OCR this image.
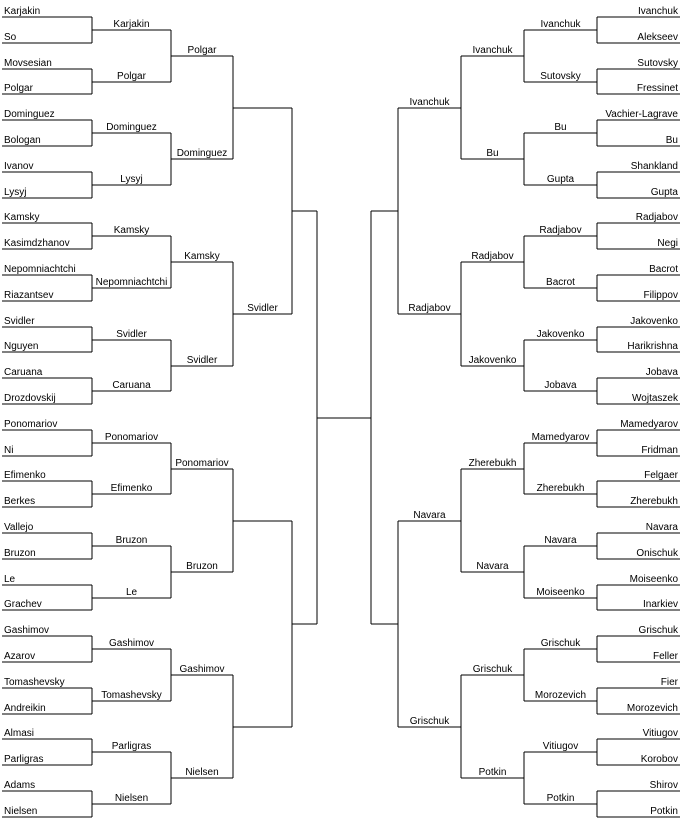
Karjakin
So
Movsesian
Polgar
Dominguez
Bologan
Ivanov
Lysyj
Kamsky
Kasimdzhanov
Nepomniachtchi
Riazantsev
Svidler
Nguyen
Caruana
Drozdovskij
Ponomariov
Ni
Efimenko
Berkes
Vallejo
Bruzon
Le
Grachev
Gashimov
Azarov
Tomashevsky
Andreikin
Almasi
Parligras
Adams
Nielsen
Karjakin
Polgar
Dominguez
Lysyj
Kamsky
Nepomniachtchi
Svidler
Caruana
Ponomariov
Efimenko
Bruzon
Le
Gashimov
Tomashevsky
Parligras
Nielsen
Polgar
Dominguez
Kamsky
Svidler
Ponomariov
Bruzon
Gashimov
Nielsen
Svidler
Ivanchuk
Alekseev
Sutovsky
Fressinet
Vachier-Lagrave
Bu
Shankland
Gupta
Radjabov
Negi
Bacrot
Filippov
Jakovenko
Harikrishna
Jobava
Wojtaszek
Mamedyarov
Fridman
Felgaer
Zherebukh
Navara
Onischuk
Moiseenko
Inarkiev
Grischuk
Feller
Fier
Morozevich
Vitiugov
Korobov
Shirov
Potkin
Ivanchuk
Sutovsky
Bu
Gupta
Radjabov
Bacrot
Jakovenko
Jobava
Mamedyarov
Zherebukh
Navara
Moiseenko
Grischuk
Morozevich
Vitiugov
Potkin
Ivanchuk
Bu
Radjabov
Jakovenko
Zherebukh
Navara
Grischuk
Potkin
Ivanchuk
Radjabov
Navara
Grischuk
